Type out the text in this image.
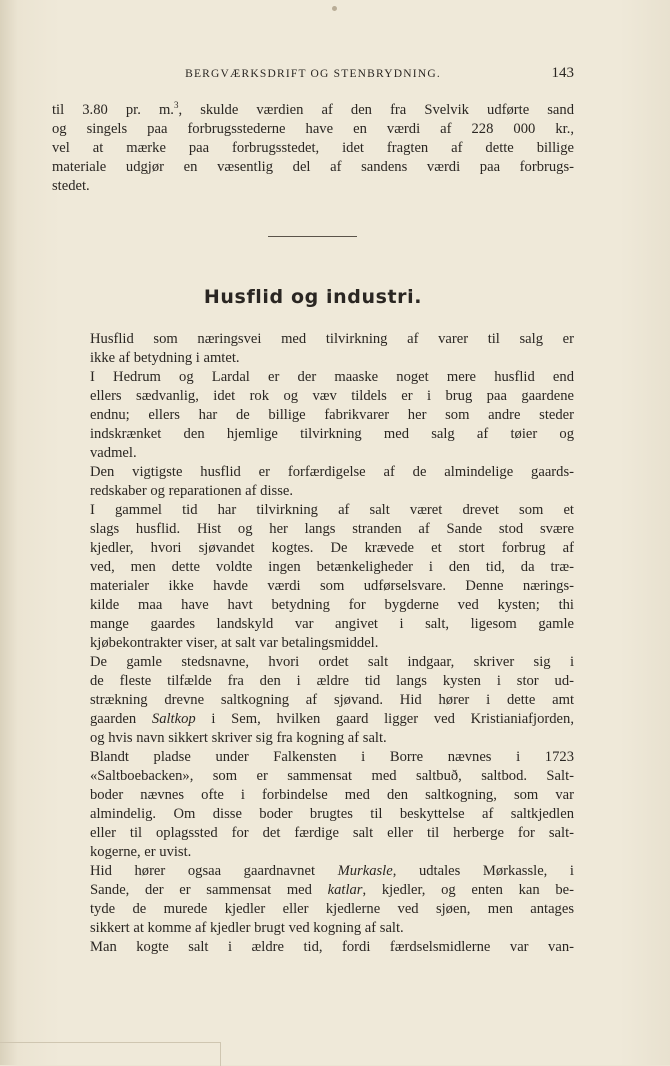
BERGVÆRKSDRIFT OG STENBRYDNING.	143

til 3.80 pr. m.$^3$, skulde værdien af den fra Svelvik udførte sand
og singels paa forbrugsstederne have en værdi af 228 000 kr.,
vel at mærke paa forbrugsstedet, idet fragten af dette billige
materiale udgjør en væsentlig del af sandens værdi paa forbrugs-
stedet.

Husflid og industri.

Husflid som næringsvei med tilvirkning af varer til salg er
ikke af betydning i amtet.

I Hedrum og Lardal er der maaske noget mere husflid end
ellers sædvanlig, idet rok og væv tildels er i brug paa gaardene
endnu; ellers har de billige fabrikvarer her som andre steder
indskrænket den hjemlige tilvirkning med salg af tøier og
vadmel.

Den vigtigste husflid er forfærdigelse af de almindelige gaards-
redskaber og reparationen af disse.

I gammel tid har tilvirkning af salt været drevet som et
slags husflid. Hist og her langs stranden af Sande stod svære
kjedler, hvori sjøvandet kogtes. De krævede et stort forbrug af
ved, men dette voldte ingen betænkeligheder i den tid, da træ-
materialer ikke havde værdi som udførselsvare. Denne nærings-
kilde maa have havt betydning for bygderne ved kysten; thi
mange gaardes landskyld var angivet i salt, ligesom gamle
kjøbekontrakter viser, at salt var betalingsmiddel.

De gamle stedsnavne, hvori ordet salt indgaar, skriver sig i
de fleste tilfælde fra den i ældre tid langs kysten i stor ud-
strækning drevne saltkogning af sjøvand. Hid hører i dette amt
gaarden Saltkop i Sem, hvilken gaard ligger ved Kristianiafjorden,
og hvis navn sikkert skriver sig fra kogning af salt.

Blandt pladse under Falkensten i Borre nævnes i 1723
«Saltboebacken», som er sammensat med saltbuð, saltbod. Salt-
boder nævnes ofte i forbindelse med den saltkogning, som var
almindelig. Om disse boder brugtes til beskyttelse af saltkjedlen
eller til oplagssted for det færdige salt eller til herberge for salt-
kogerne, er uvist.

Hid hører ogsaa gaardnavnet Murkasle, udtales Mørkassle, i
Sande, der er sammensat med katlar, kjedler, og enten kan be-
tyde de murede kjedler eller kjedlerne ved sjøen, men antages
sikkert at komme af kjedler brugt ved kogning af salt.

Man kogte salt i ældre tid, fordi færdselsmidlerne var van-
